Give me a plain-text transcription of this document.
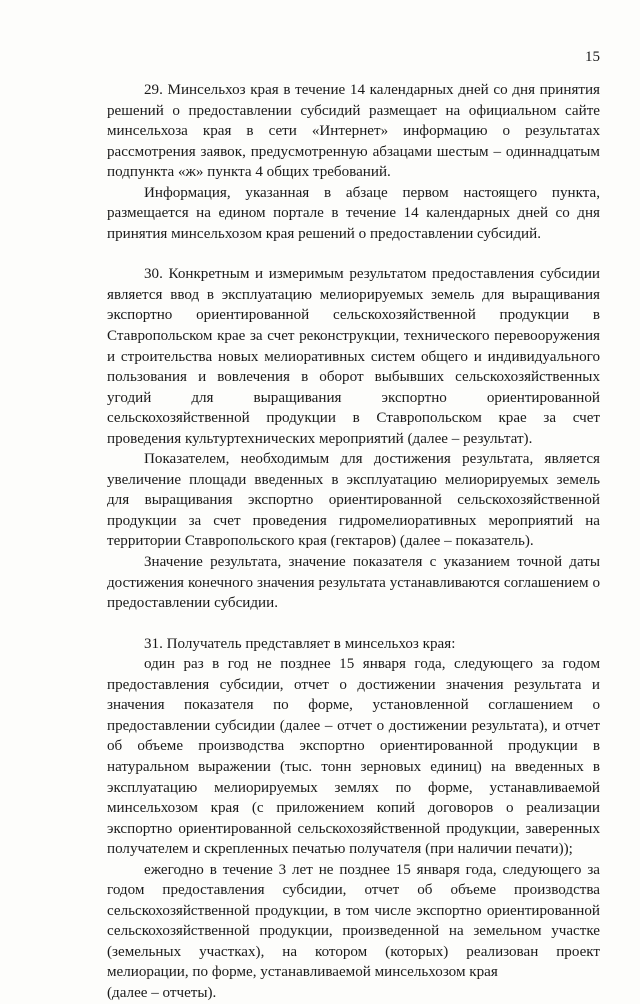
15

29. Минсельхоз края в течение 14 календарных дней со дня принятия решений о предоставлении субсидий размещает на официальном сайте минсельхоза края в сети «Интернет» информацию о результатах рассмотрения заявок, предусмотренную абзацами шестым – одиннадцатым подпункта «ж» пункта 4 общих требований.

Информация, указанная в абзаце первом настоящего пункта, размещается на едином портале в течение 14 календарных дней со дня принятия минсельхозом края решений о предоставлении субсидий.

30. Конкретным и измеримым результатом предоставления субсидии является ввод в эксплуатацию мелиорируемых земель для выращивания экспортно ориентированной сельскохозяйственной продукции в Ставропольском крае за счет реконструкции, технического перевооружения и строительства новых мелиоративных систем общего и индивидуального пользования и вовлечения в оборот выбывших сельскохозяйственных угодий для выращивания экспортно ориентированной сельскохозяйственной продукции в Ставропольском крае за счет проведения культуртехнических мероприятий (далее – результат).

Показателем, необходимым для достижения результата, является увеличение площади введенных в эксплуатацию мелиорируемых земель для выращивания экспортно ориентированной сельскохозяйственной продукции за счет проведения гидромелиоративных мероприятий на территории Ставропольского края (гектаров) (далее – показатель).

Значение результата, значение показателя с указанием точной даты достижения конечного значения результата устанавливаются соглашением о предоставлении субсидии.

31. Получатель представляет в минсельхоз края:

один раз в год не позднее 15 января года, следующего за годом предоставления субсидии, отчет о достижении значения результата и значения показателя по форме, установленной соглашением о предоставлении субсидии (далее – отчет о достижении результата), и отчет об объеме производства экспортно ориентированной продукции в натуральном выражении (тыс. тонн зерновых единиц) на введенных в эксплуатацию мелиорируемых землях по форме, устанавливаемой минсельхозом края (с приложением копий договоров о реализации экспортно ориентированной сельскохозяйственной продукции, заверенных получателем и скрепленных печатью получателя (при наличии печати));

ежегодно в течение 3 лет не позднее 15 января года, следующего за годом предоставления субсидии, отчет об объеме производства сельскохозяйственной продукции, в том числе экспортно ориентированной сельскохозяйственной продукции, произведенной на земельном участке (земельных участках), на котором (которых) реализован проект мелиорации, по форме, устанавливаемой минсельхозом края

(далее – отчеты).
